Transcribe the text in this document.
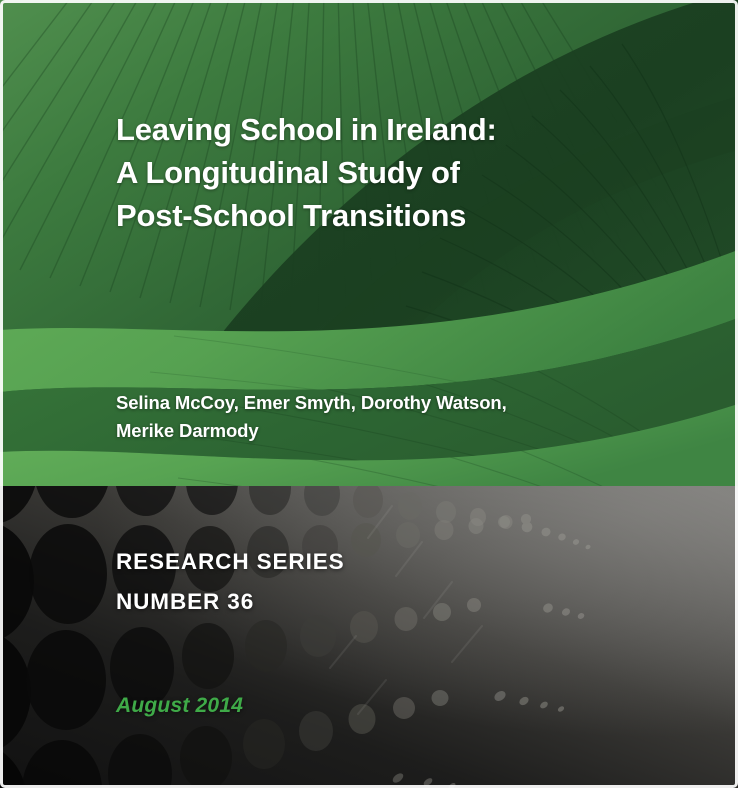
Leaving School in Ireland:
A Longitudinal Study of
Post-School Transitions
Selina McCoy, Emer Smyth, Dorothy Watson,
Merike Darmody
RESEARCH SERIES
NUMBER 36
August 2014
